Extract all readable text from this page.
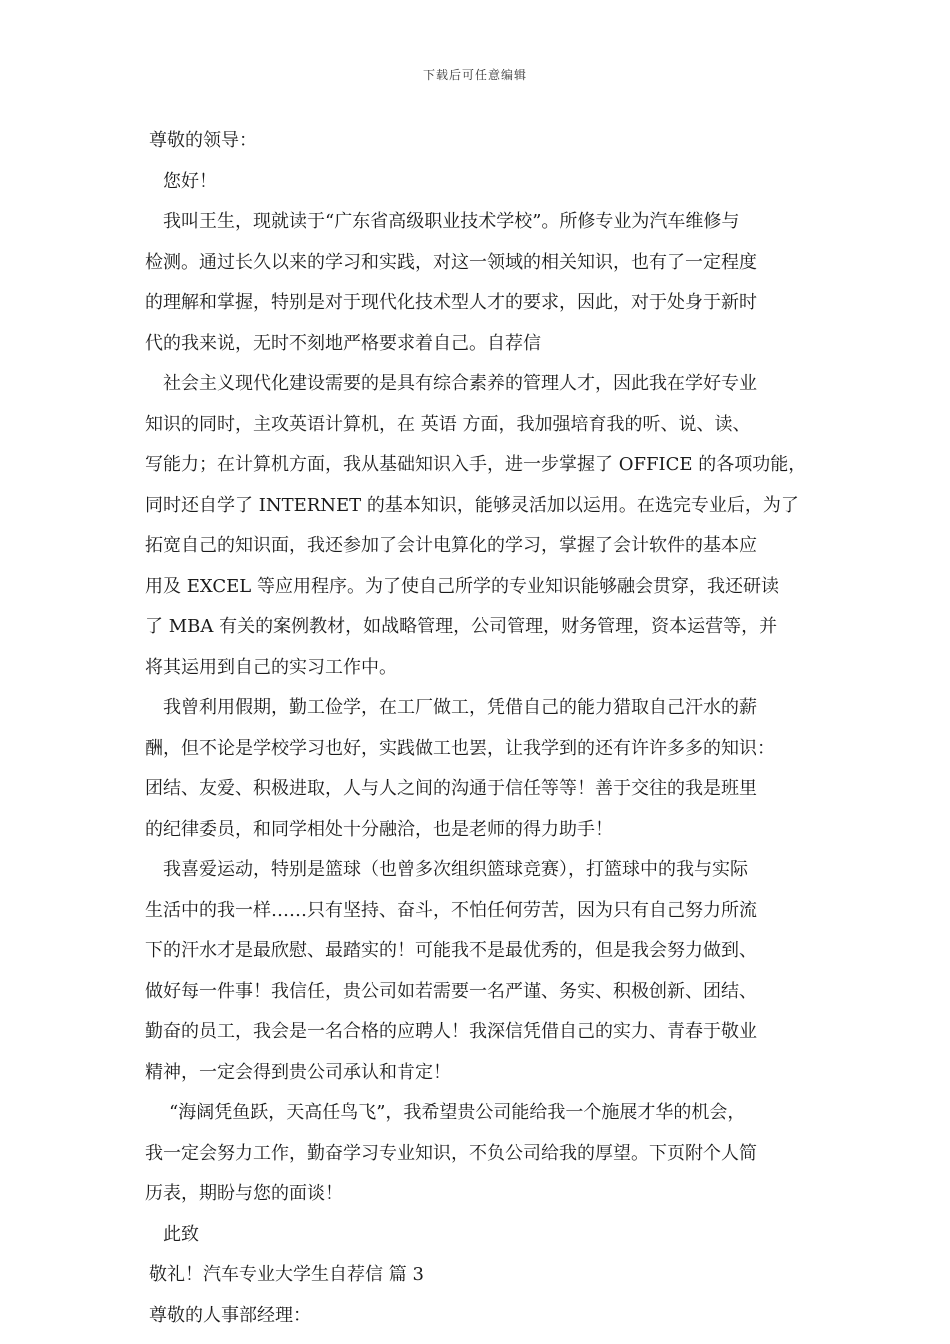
下载后可任意编辑

尊敬的领导：

您好！

我叫王生，现就读于“广东省高级职业技术学校”。所修专业为汽车维修与

检测。通过长久以来的学习和实践，对这一领域的相关知识，也有了一定程度

的理解和掌握，特别是对于现代化技术型人才的要求，因此，对于处身于新时

代的我来说，无时不刻地严格要求着自己。自荐信

社会主义现代化建设需要的是具有综合素养的管理人才，因此我在学好专业

知识的同时，主攻英语计算机，在 英语 方面，我加强培育我的听、说、读、

写能力；在计算机方面，我从基础知识入手，进一步掌握了 OFFICE 的各项功能，

同时还自学了 INTERNET 的基本知识，能够灵活加以运用。在选完专业后，为了

拓宽自己的知识面，我还参加了会计电算化的学习，掌握了会计软件的基本应

用及 EXCEL 等应用程序。为了使自己所学的专业知识能够融会贯穿，我还研读

了 MBA 有关的案例教材，如战略管理，公司管理，财务管理，资本运营等，并

将其运用到自己的实习工作中。

我曾利用假期，勤工俭学，在工厂做工，凭借自己的能力猎取自己汗水的薪

酬，但不论是学校学习也好，实践做工也罢，让我学到的还有许许多多的知识：

团结、友爱、积极进取，人与人之间的沟通于信任等等！善于交往的我是班里

的纪律委员，和同学相处十分融洽，也是老师的得力助手！

我喜爱运动，特别是篮球（也曾多次组织篮球竞赛），打篮球中的我与实际

生活中的我一样……只有坚持、奋斗，不怕任何劳苦，因为只有自己努力所流

下的汗水才是最欣慰、最踏实的！可能我不是最优秀的，但是我会努力做到、

做好每一件事！我信任，贵公司如若需要一名严谨、务实、积极创新、团结、

勤奋的员工，我会是一名合格的应聘人！我深信凭借自己的实力、青春于敬业

精神，一定会得到贵公司承认和肯定！

“海阔凭鱼跃，天高任鸟飞”，我希望贵公司能给我一个施展才华的机会，

我一定会努力工作，勤奋学习专业知识，不负公司给我的厚望。下页附个人简

历表，期盼与您的面谈！

此致

敬礼！汽车专业大学生自荐信 篇 3

尊敬的人事部经理：
